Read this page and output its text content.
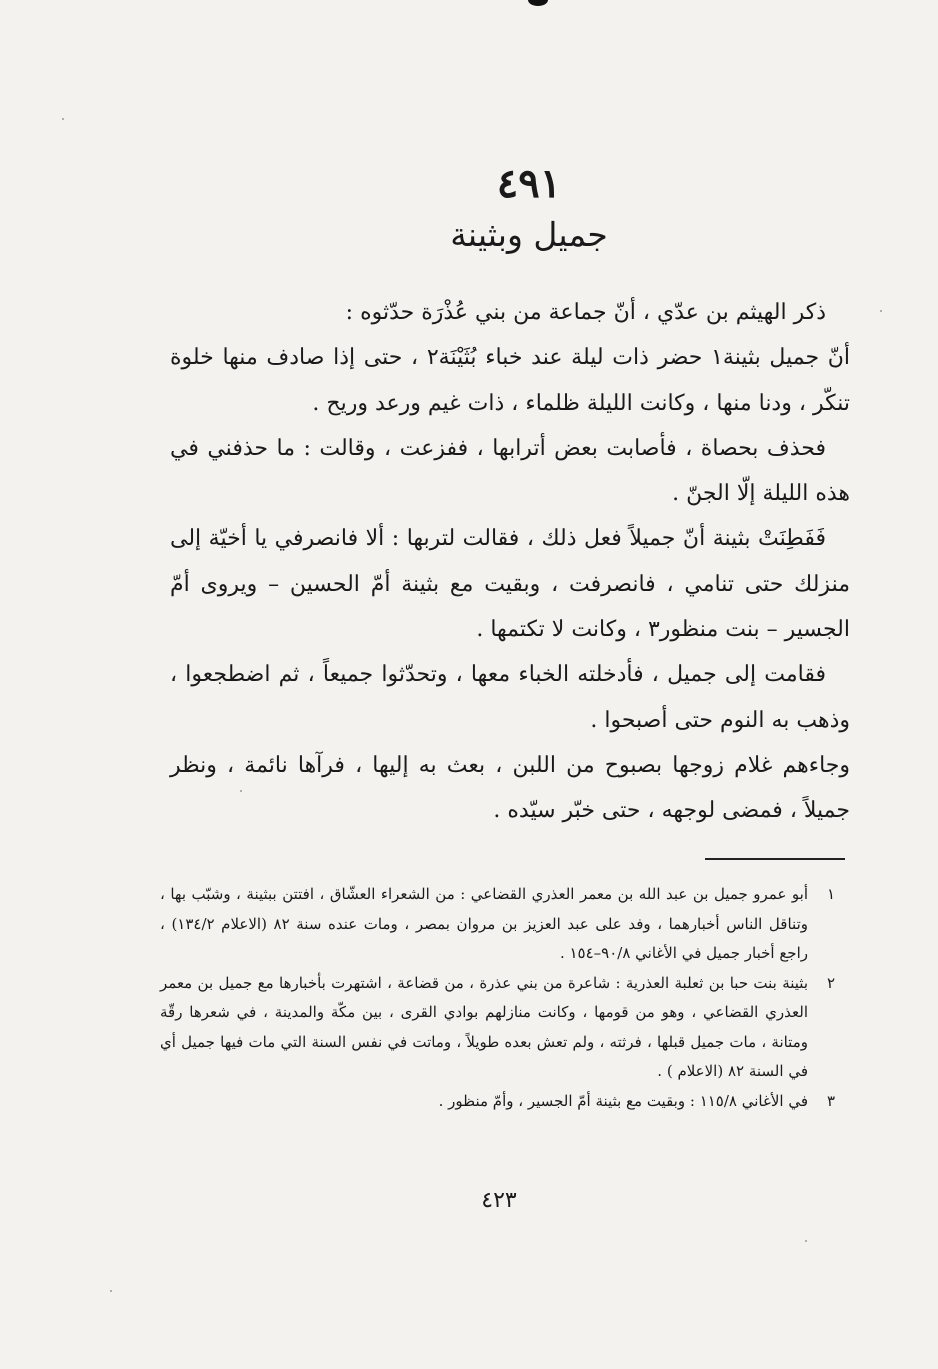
٤٩١
جميل وبثينة

ذكر الهيثم بن عدّي ، أنّ جماعة من بني عُذْرَة حدّثوه :

أنّ جميل بثينة١ حضر ذات ليلة عند خباء بُثَيْنَة٢ ، حتى إذا صادف منها خلوة تنكّر ، ودنا منها ، وكانت الليلة ظلماء ، ذات غيم ورعد وريح .

فحذف بحصاة ، فأصابت بعض أترابها ، ففزعت ، وقالت : ما حذفني في هذه الليلة إلّا الجنّ .

فَفَطِنَتْ بثينة أنّ جميلاً فعل ذلك ، فقالت لتربها : ألا فانصرفي يا أخيّة إلى منزلك حتى تنامي ، فانصرفت ، وبقيت مع بثينة أمّ الحسين – ويروى أمّ الجسير – بنت منظور٣ ، وكانت لا تكتمها .

فقامت إلى جميل ، فأدخلته الخباء معها ، وتحدّثوا جميعاً ، ثم اضطجعوا ، وذهب به النوم حتى أصبحوا .

وجاءهم غلام زوجها بصبوح من اللبن ، بعث به إليها ، فرآها نائمة ، ونظر جميلاً ، فمضى لوجهه ، حتى خبّر سيّده .

١
أبو عمرو جميل بن عبد الله بن معمر العذري القضاعي : من الشعراء العشّاق ، افتتن ببثينة ، وشبّب بها ، وتناقل الناس أخبارهما ، وفد على عبد العزيز بن مروان بمصر ، ومات عنده سنة ٨٢ (الاعلام ١٣٤/٢) ، راجع أخبار جميل في الأغاني ٩٠/٨–١٥٤ .
٢
بثينة بنت حبا بن ثعلبة العذرية : شاعرة من بني عذرة ، من قضاعة ، اشتهرت بأخبارها مع جميل بن معمر العذري القضاعي ، وهو من قومها ، وكانت منازلهم بوادي القرى ، بين مكّة والمدينة ، في شعرها رقّة ومتانة ، مات جميل قبلها ، فرثته ، ولم تعش بعده طويلاً ، وماتت في نفس السنة التي مات فيها جميل أي في السنة ٨٢ (الاعلام ) .
٣
في الأغاني ١١٥/٨ : وبقيت مع بثينة أمّ الجسير ، وأمّ منظور .
٤٢٣
